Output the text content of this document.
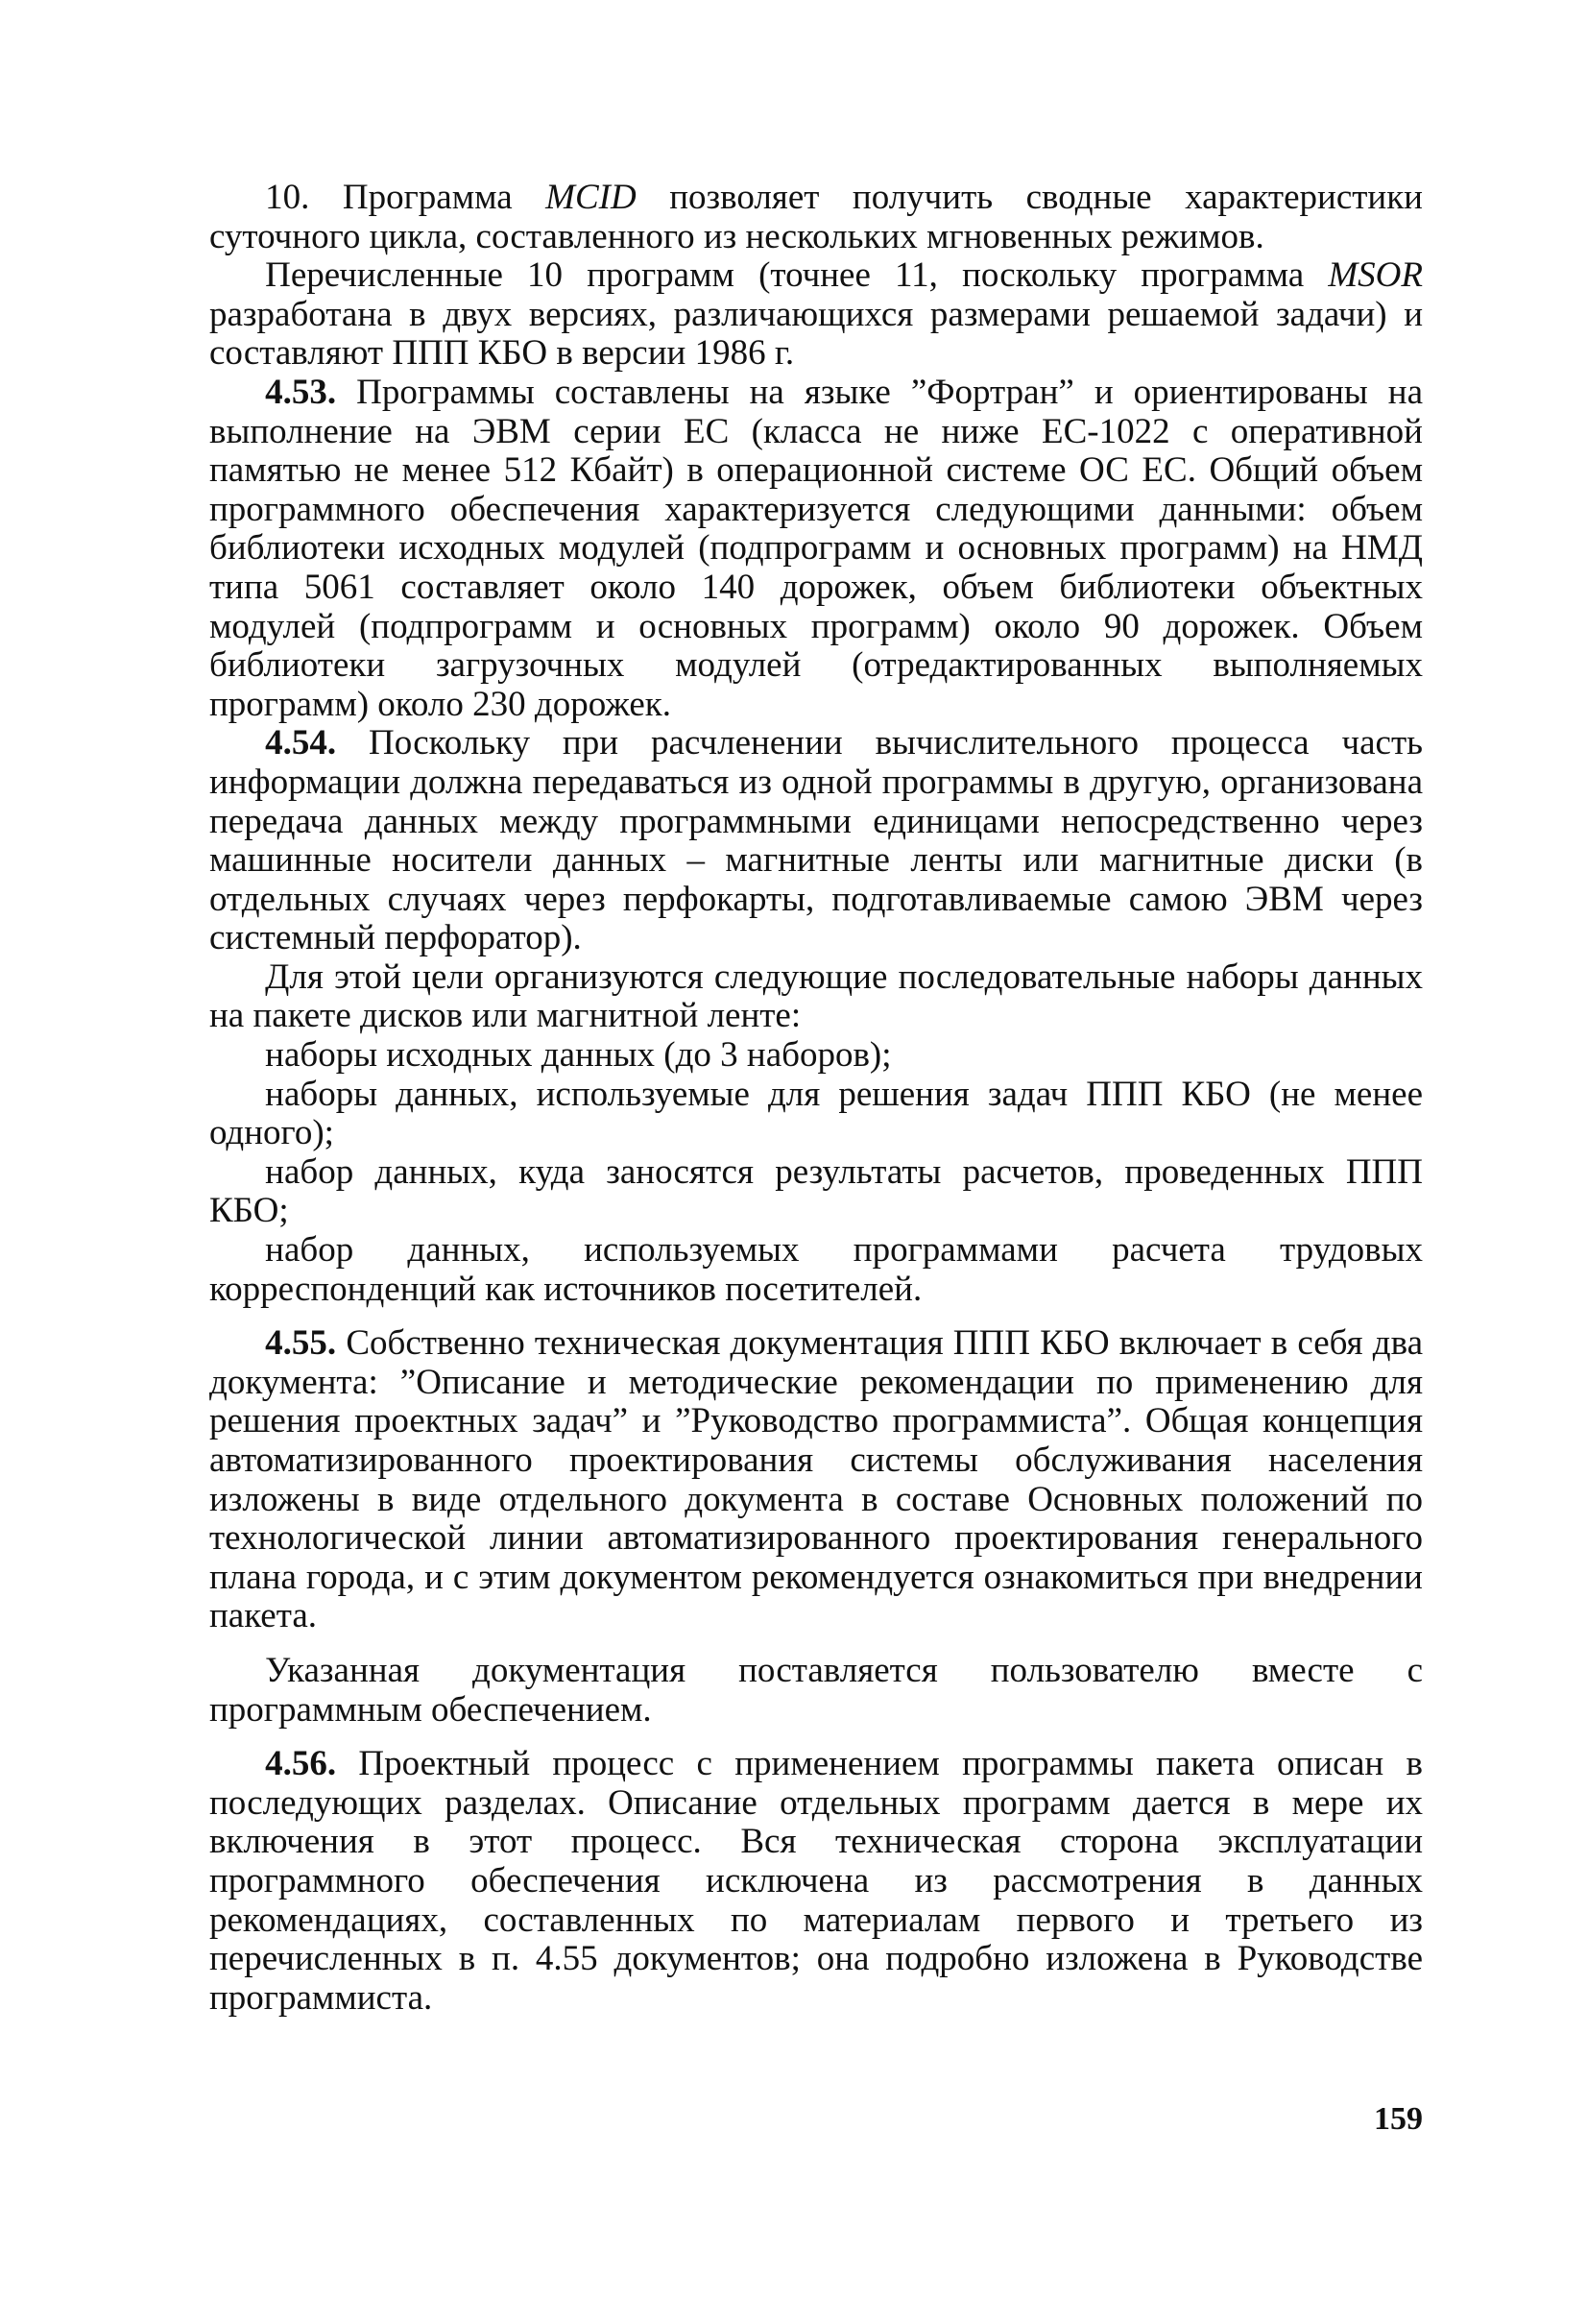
10. Программа MCID позволяет получить сводные характеристики суточного цикла, составленного из нескольких мгновенных режимов.

Перечисленные 10 программ (точнее 11, поскольку программа MSOR разработана в двух версиях, различающихся размерами решаемой задачи) и составляют ППП КБО в версии 1986 г.

4.53. Программы составлены на языке ”Фортран” и ориентированы на выполнение на ЭВМ серии ЕС (класса не ниже ЕС-1022 с оперативной памятью не менее 512 Кбайт) в операционной системе ОС ЕС. Общий объем программного обеспечения характеризуется следующими данными: объем библиотеки исходных модулей (подпрограмм и основных программ) на НМД типа 5061 составляет около 140 дорожек, объем библиотеки объектных модулей (подпрограмм и основных программ) около 90 дорожек. Объем библиотеки загрузочных модулей (отредактированных выполняемых программ) около 230 дорожек.

4.54. Поскольку при расчленении вычислительного процесса часть информации должна передаваться из одной программы в другую, организована передача данных между программными единицами непосредственно через машинные носители данных – магнитные ленты или магнитные диски (в отдельных случаях через перфокарты, подготавливаемые самою ЭВМ через системный перфоратор).

Для этой цели организуются следующие последовательные наборы данных на пакете дисков или магнитной ленте:

наборы исходных данных (до 3 наборов);

наборы данных, используемые для решения задач ППП КБО (не менее одного);

набор данных, куда заносятся результаты расчетов, проведенных ППП КБО;

набор данных, используемых программами расчета трудовых корреспонденций как источников посетителей.

4.55. Собственно техническая документация ППП КБО включает в себя два документа: ”Описание и методические рекомендации по применению для решения проектных задач” и ”Руководство программиста”. Общая концепция автоматизированного проектирования системы обслуживания населения изложены в виде отдельного документа в составе Основных положений по технологической линии автоматизированного проектирования генерального плана города, и с этим документом рекомендуется ознакомиться при внедрении пакета.

Указанная документация поставляется пользователю вместе с программным обеспечением.

4.56. Проектный процесс с применением программы пакета описан в последующих разделах. Описание отдельных программ дается в мере их включения в этот процесс. Вся техническая сторона эксплуатации программного обеспечения исключена из рассмотрения в данных рекомендациях, составленных по материалам первого и третьего из перечисленных в п. 4.55 документов; она подробно изложена в Руководстве программиста.

159
